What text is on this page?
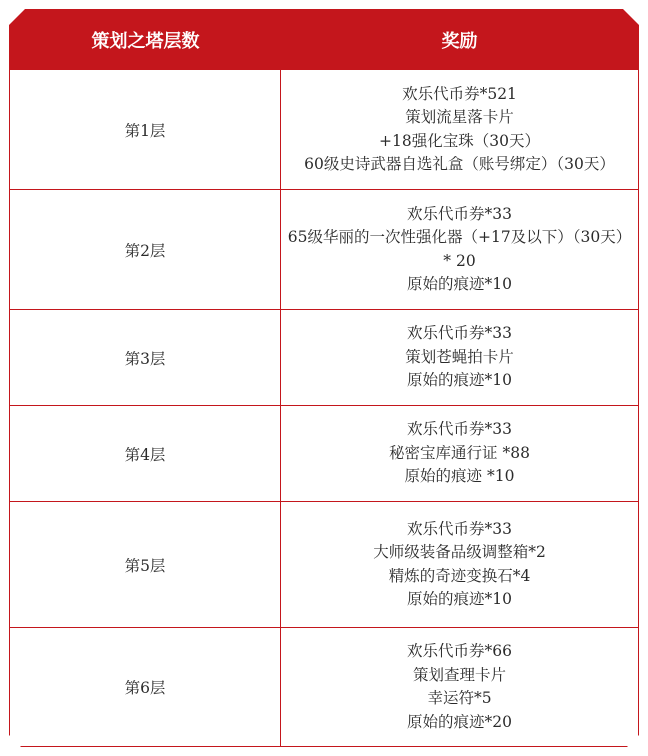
策划之塔层数	奖励
第1层
欢乐代币券*521
策划流星落卡片
+18强化宝珠（30天）
60级史诗武器自选礼盒（账号绑定）（30天）
第2层
欢乐代币券*33
65级华丽的一次性强化器（+17及以下）（30天）
* 20
原始的痕迹*10
第3层
欢乐代币券*33
策划苍蝇拍卡片
原始的痕迹*10
第4层
欢乐代币券*33
秘密宝库通行证 *88
原始的痕迹 *10
第5层
欢乐代币券*33
大师级装备品级调整箱*2
精炼的奇迹变换石*4
原始的痕迹*10
第6层
欢乐代币券*66
策划查理卡片
幸运符*5
原始的痕迹*20
